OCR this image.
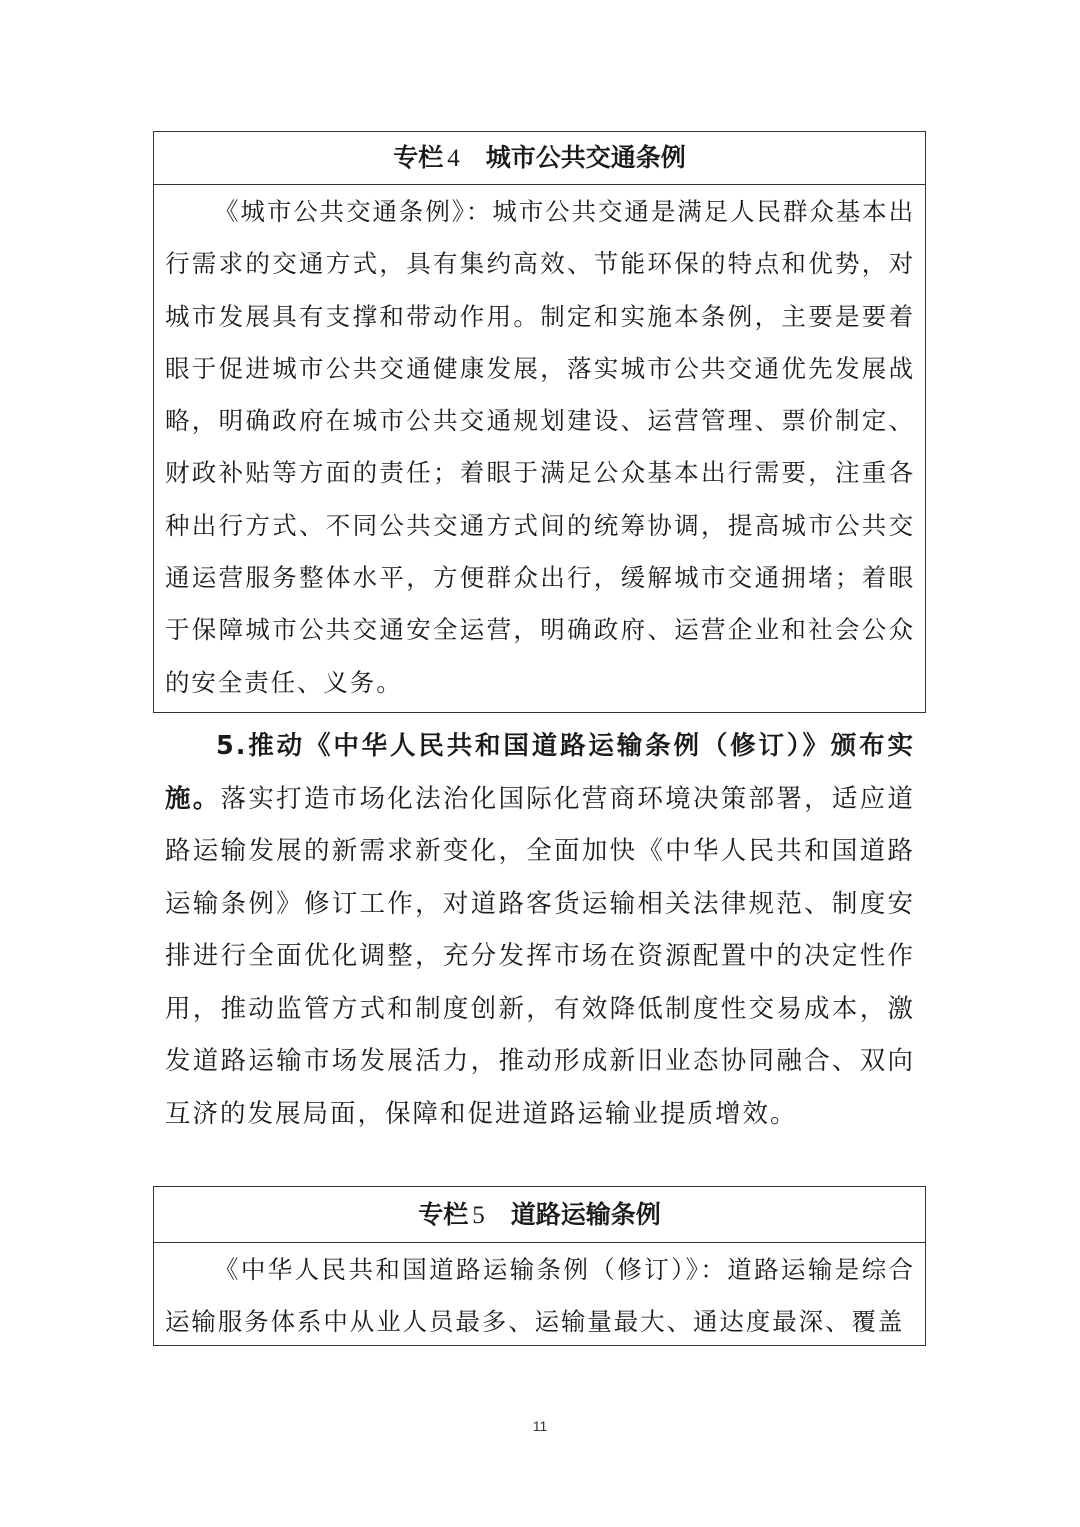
专栏 4 城市公共交通条例

《城市公共交通条例》：城市公共交通是满足人民群众基本出行需求的交通方式，具有集约高效、节能环保的特点和优势，对城市发展具有支撑和带动作用。制定和实施本条例，主要是要着眼于促进城市公共交通健康发展，落实城市公共交通优先发展战略，明确政府在城市公共交通规划建设、运营管理、票价制定、财政补贴等方面的责任；着眼于满足公众基本出行需要，注重各种出行方式、不同公共交通方式间的统筹协调，提高城市公共交通运营服务整体水平，方便群众出行，缓解城市交通拥堵；着眼于保障城市公共交通安全运营，明确政府、运营企业和社会公众的安全责任、义务。

5.推动《中华人民共和国道路运输条例（修订）》颁布实施。落实打造市场化法治化国际化营商环境决策部署，适应道路运输发展的新需求新变化，全面加快《中华人民共和国道路运输条例》修订工作，对道路客货运输相关法律规范、制度安排进行全面优化调整，充分发挥市场在资源配置中的决定性作用，推动监管方式和制度创新，有效降低制度性交易成本，激发道路运输市场发展活力，推动形成新旧业态协同融合、双向互济的发展局面，保障和促进道路运输业提质增效。

专栏 5 道路运输条例

《中华人民共和国道路运输条例（修订）》：道路运输是综合运输服务体系中从业人员最多、运输量最大、通达度最深、覆盖

11
